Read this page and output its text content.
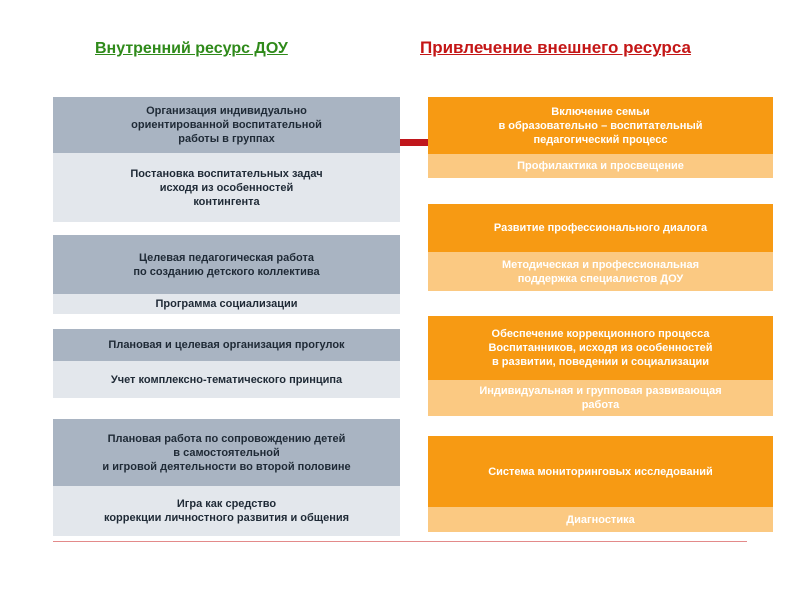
Внутренний ресурс ДОУ	Привлечение внешнего ресурса
Организация индивидуально
ориентированной воспитательной
работы в группах
Постановка воспитательных задач
исходя из особенностей
контингента
Целевая педагогическая работа
по созданию детского коллектива
Программа социализации
Плановая и целевая организация прогулок
Учет комплексно-тематического принципа
Плановая работа по сопровождению детей
в самостоятельной
и игровой деятельности во второй половине
Игра как средство
коррекции личностного развития и общения
Включение семьи
в образовательно – воспитательный
педагогический процесс
Профилактика и просвещение
Развитие профессионального диалога
Методическая и профессиональная
поддержка специалистов ДОУ
Обеспечение коррекционного процесса
Воспитанников, исходя из особенностей
в развитии, поведении и социализации
Индивидуальная и групповая развивающая
работа
Система мониторинговых исследований
Диагностика
